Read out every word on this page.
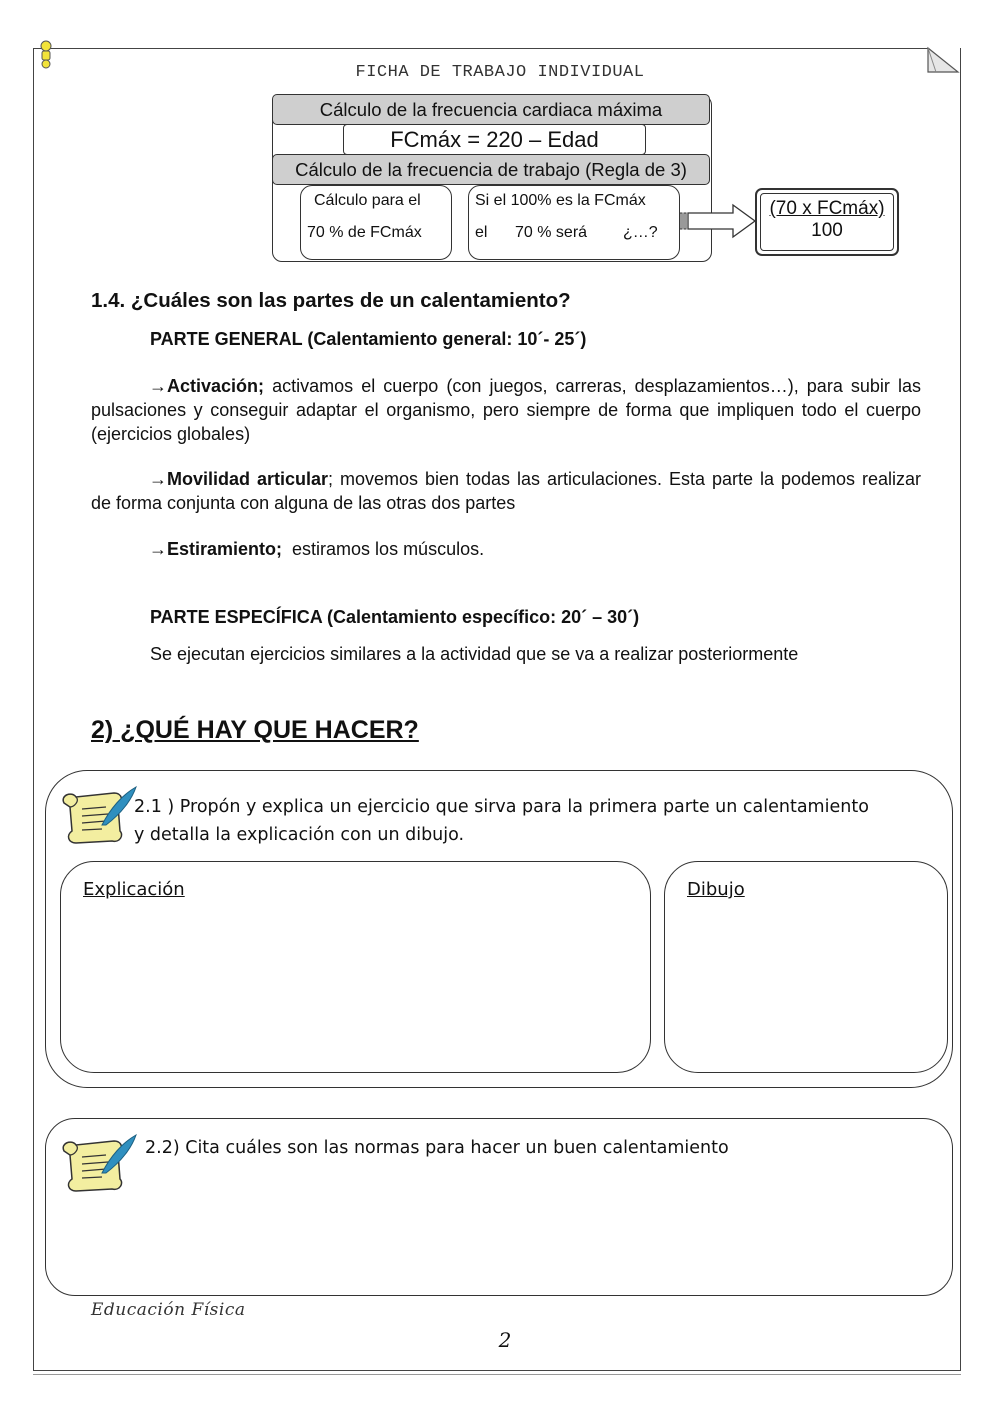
FICHA DE TRABAJO INDIVIDUAL
Cálculo de la frecuencia cardiaca máxima
FCmáx = 220 – Edad
Cálculo de la frecuencia de trabajo (Regla de 3)
Cálculo para el
70 % de FCmáx
Si el 100% es la FCmáx
el 70 % será ¿…?
(70 x FCmáx)
100
1.4. ¿Cuáles son las partes de un calentamiento?
PARTE GENERAL (Calentamiento general: 10´- 25´)
→Activación; activamos el cuerpo (con juegos, carreras, desplazamientos…), para subir las pulsaciones y conseguir adaptar el organismo, pero siempre de forma que impliquen todo el cuerpo (ejercicios globales)
→Movilidad articular; movemos bien todas las articulaciones. Esta parte la podemos realizar de forma conjunta con alguna de las otras dos partes
→Estiramiento;  estiramos los músculos.
PARTE ESPECÍFICA (Calentamiento específico: 20´ – 30´)
Se ejecutan ejercicios similares a la actividad que se va a realizar posteriormente
2) ¿QUÉ HAY QUE HACER?
2.1 ) Propón y explica un ejercicio que sirva para la primera parte un calentamiento
y detalla la explicación con un dibujo.
Explicación	Dibujo
2.2) Cita cuáles son las normas para hacer un buen calentamiento
Educación Física
2
